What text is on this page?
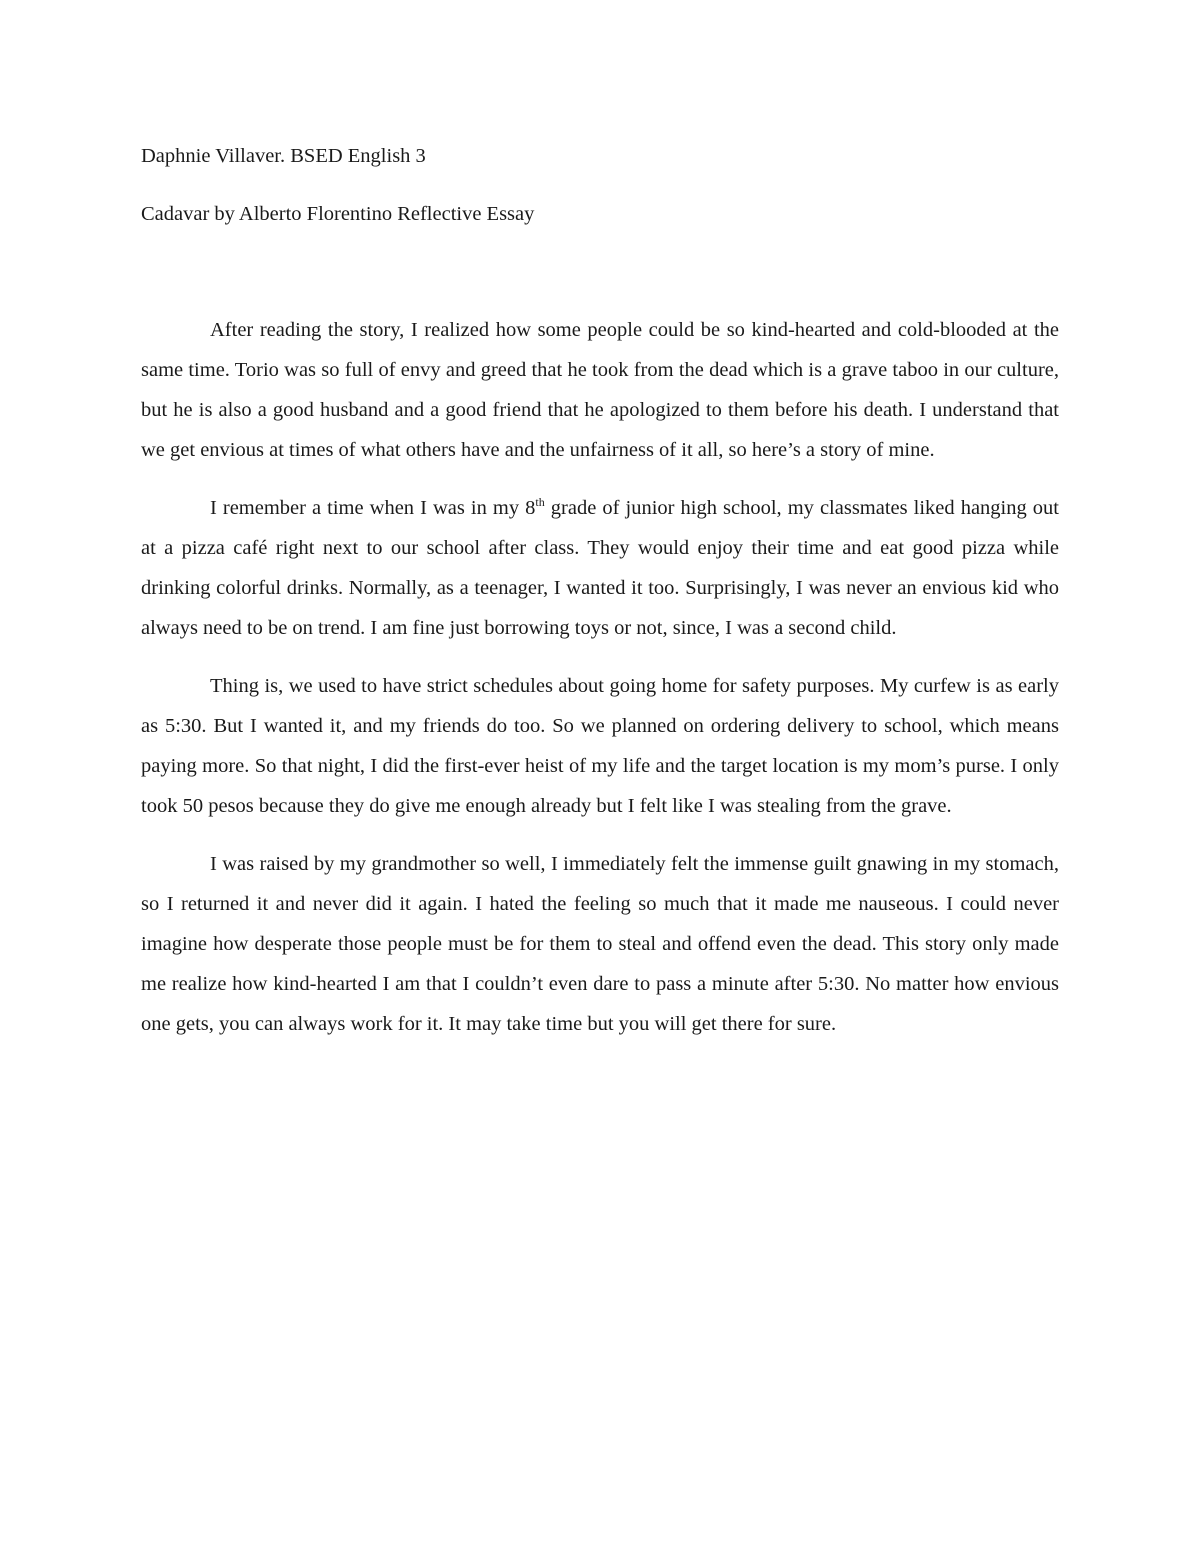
Daphnie Villaver. BSED English 3

Cadavar by Alberto Florentino Reflective Essay

After reading the story, I realized how some people could be so kind-hearted and cold-blooded at the same time. Torio was so full of envy and greed that he took from the dead which is a grave taboo in our culture, but he is also a good husband and a good friend that he apologized to them before his death. I understand that we get envious at times of what others have and the unfairness of it all, so here’s a story of mine.

I remember a time when I was in my 8th grade of junior high school, my classmates liked hanging out at a pizza café right next to our school after class. They would enjoy their time and eat good pizza while drinking colorful drinks. Normally, as a teenager, I wanted it too. Surprisingly, I was never an envious kid who always need to be on trend. I am fine just borrowing toys or not, since, I was a second child.

Thing is, we used to have strict schedules about going home for safety purposes. My curfew is as early as 5:30. But I wanted it, and my friends do too. So we planned on ordering delivery to school, which means paying more. So that night, I did the first-ever heist of my life and the target location is my mom’s purse. I only took 50 pesos because they do give me enough already but I felt like I was stealing from the grave.

I was raised by my grandmother so well, I immediately felt the immense guilt gnawing in my stomach, so I returned it and never did it again. I hated the feeling so much that it made me nauseous. I could never imagine how desperate those people must be for them to steal and offend even the dead. This story only made me realize how kind-hearted I am that I couldn’t even dare to pass a minute after 5:30. No matter how envious one gets, you can always work for it. It may take time but you will get there for sure.
